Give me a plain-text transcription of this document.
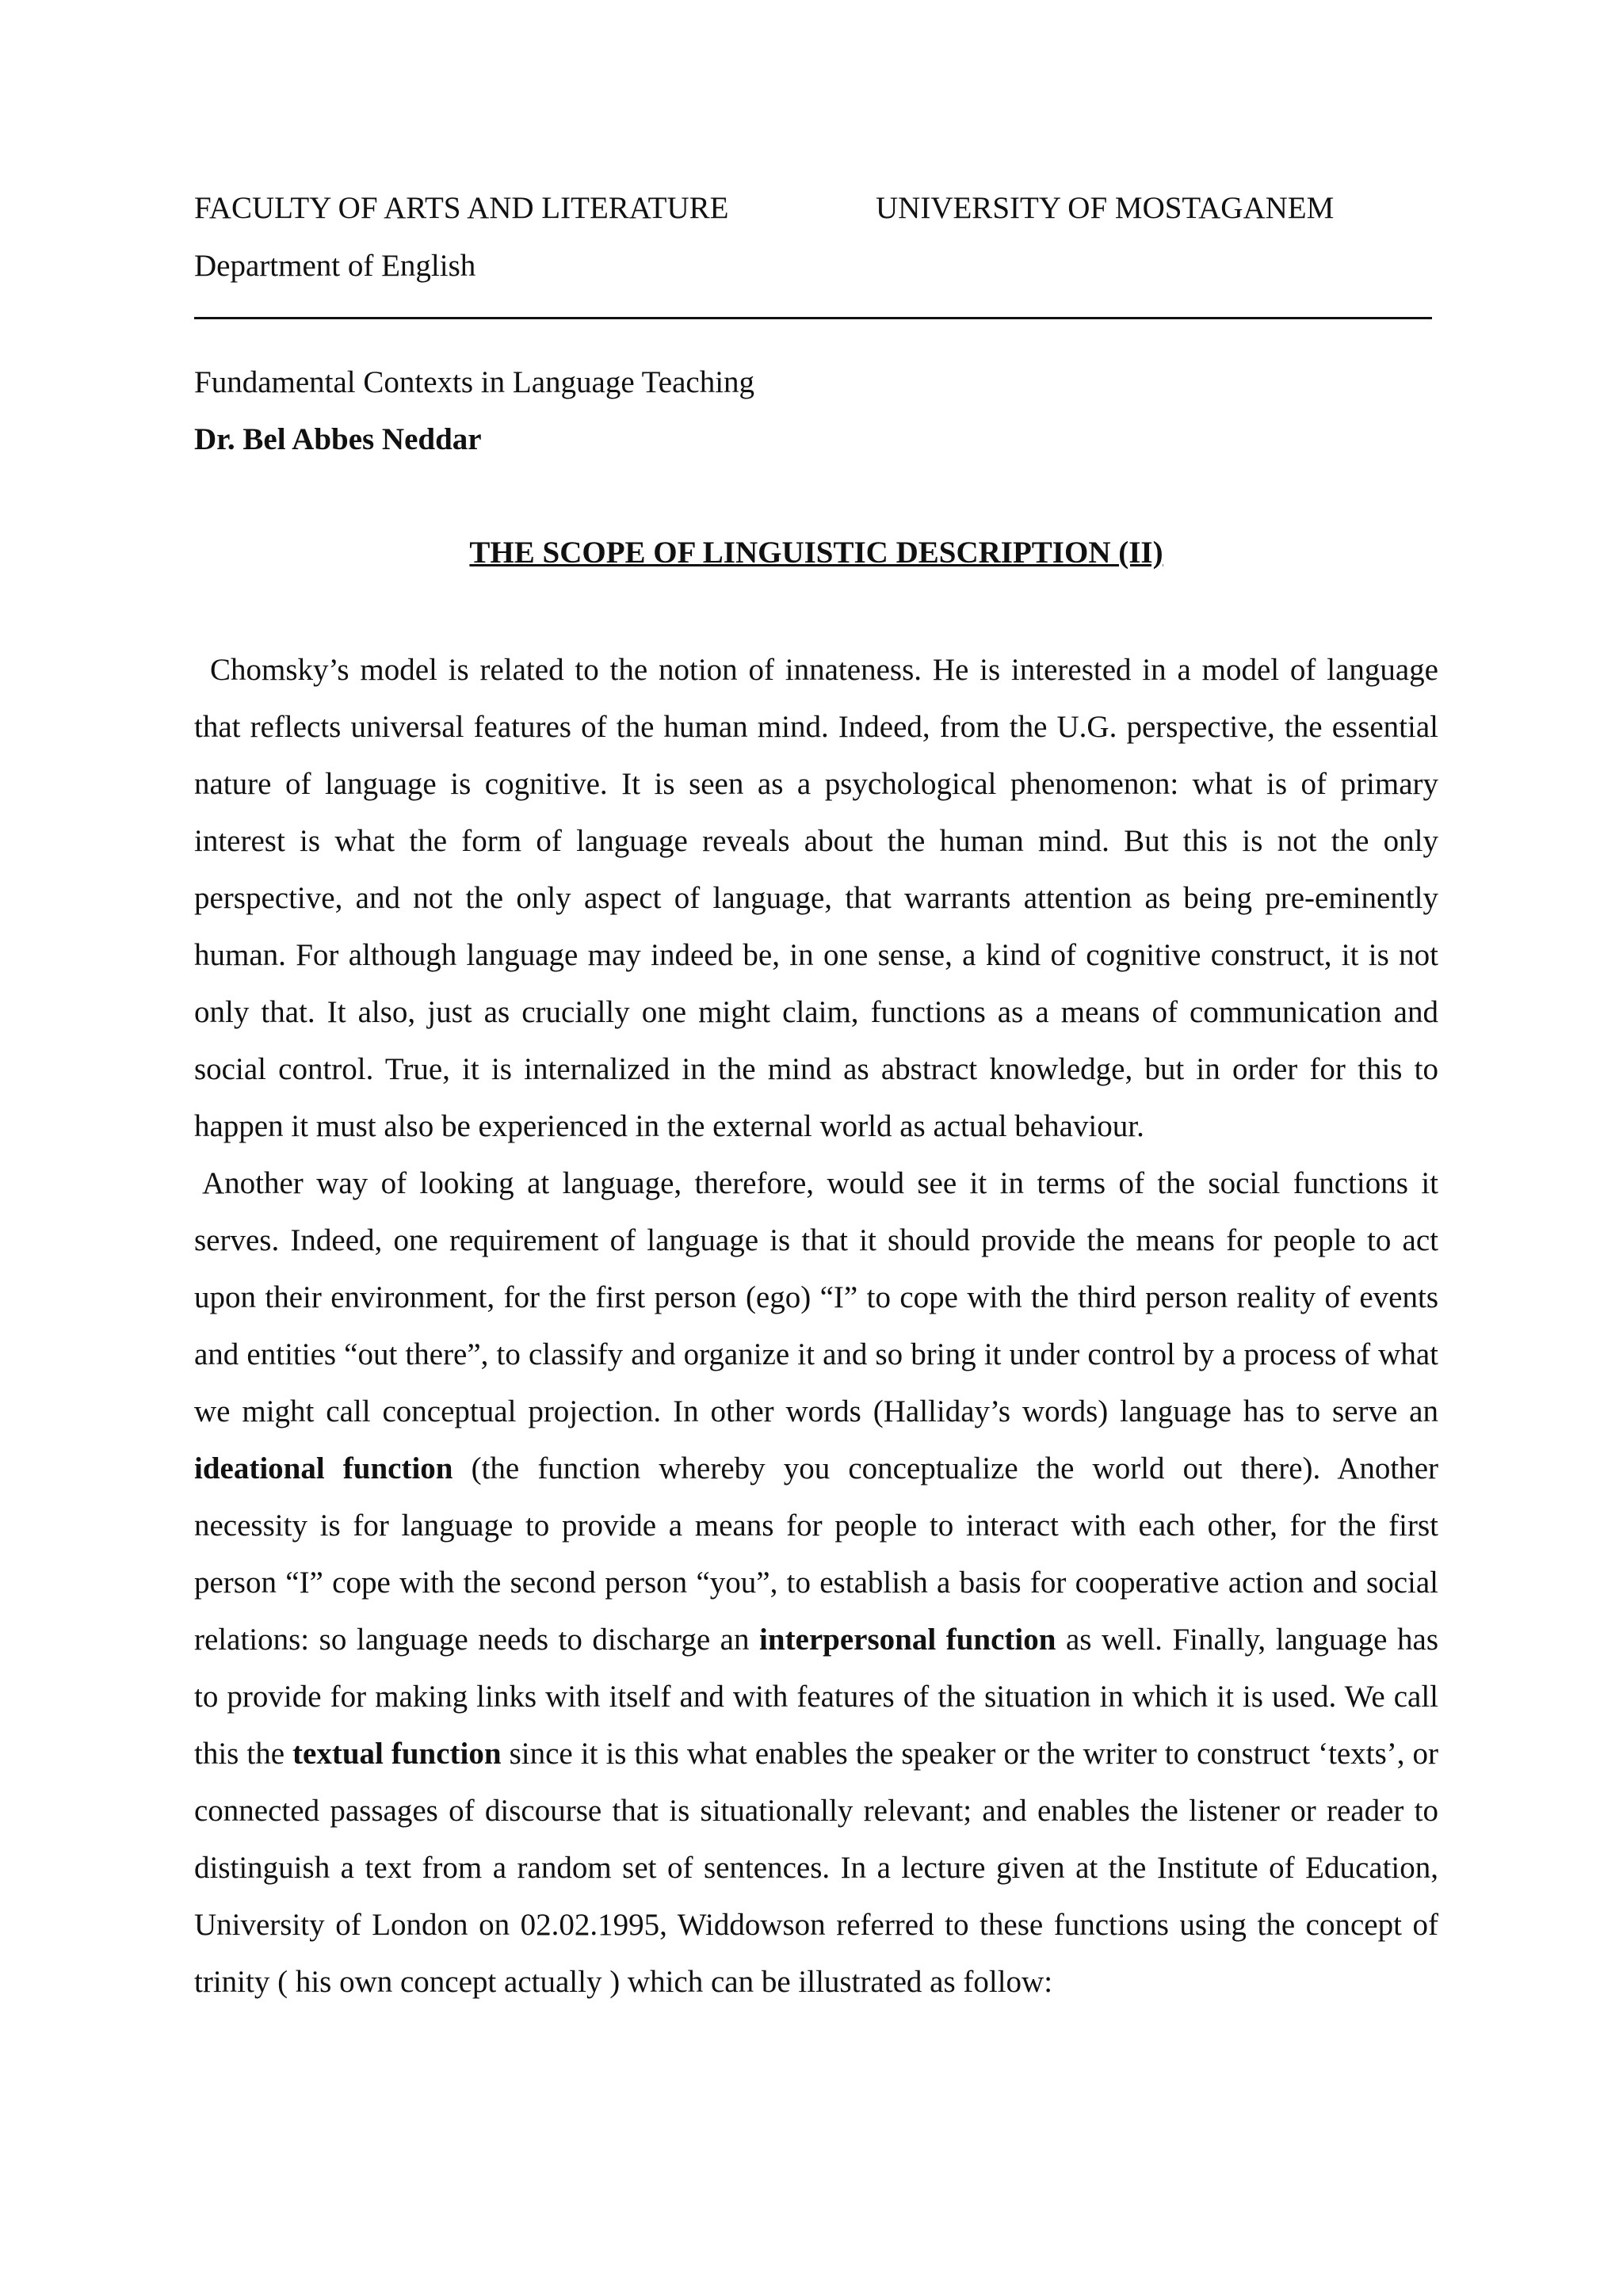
FACULTY OF ARTS AND LITERATURE	UNIVERSITY OF MOSTAGANEM
Department of English
Fundamental Contexts in Language Teaching
Dr. Bel Abbes Neddar
THE SCOPE OF LINGUISTIC DESCRIPTION (II)

Chomsky’s model is related to the notion of innateness. He is interested in a model of language that reflects universal features of the human mind. Indeed, from the U.G. perspective, the essential nature of language is cognitive. It is seen as a psychological phenomenon: what is of primary interest is what the form of language reveals about the human mind. But this is not the only perspective, and not the only aspect of language, that warrants attention as being pre-eminently human. For although language may indeed be, in one sense, a kind of cognitive construct, it is not only that. It also, just as crucially one might claim, functions as a means of communication and social control. True, it is internalized in the mind as abstract knowledge, but in order for this to happen it must also be experienced in the external world as actual behaviour.

Another way of looking at language, therefore, would see it in terms of the social functions it serves. Indeed, one requirement of language is that it should provide the means for people to act upon their environment, for the first person (ego) “I” to cope with the third person reality of events and entities “out there”, to classify and organize it and so bring it under control by a process of what we might call conceptual projection. In other words (Halliday’s words) language has to serve an ideational function (the function whereby you conceptualize the world out there). Another necessity is for language to provide a means for people to interact with each other, for the first person “I” cope with the second person “you”, to establish a basis for cooperative action and social relations: so language needs to discharge an interpersonal function as well. Finally, language has to provide for making links with itself and with features of the situation in which it is used. We call this the textual function since it is this what enables the speaker or the writer to construct ‘texts’, or connected passages of discourse that is situationally relevant; and enables the listener or reader to distinguish a text from a random set of sentences. In a lecture given at the Institute of Education, University of London on 02.02.1995, Widdowson referred to these functions using the concept of trinity ( his own concept actually ) which can be illustrated as follow:
